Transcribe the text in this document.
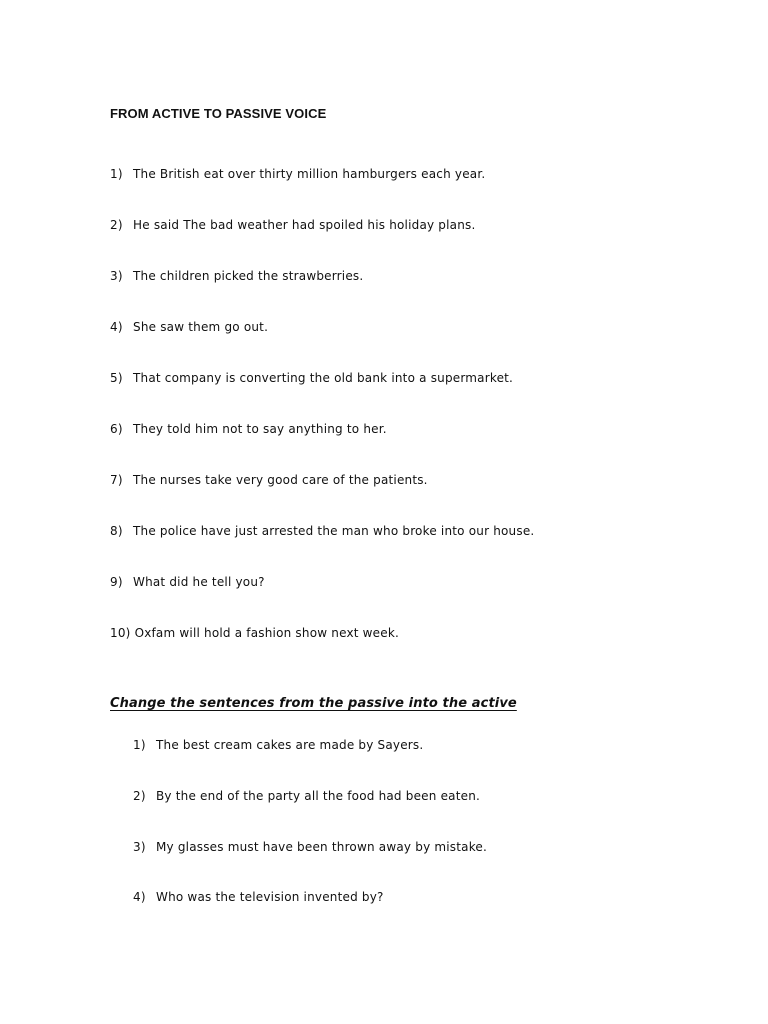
FROM ACTIVE TO PASSIVE VOICE
1) The British eat over thirty million hamburgers each year.
2) He said The bad weather had spoiled his holiday plans.
3) The children picked the strawberries.
4) She saw them go out.
5) That company is converting the old bank into a supermarket.
6) They told him not to say anything to her.
7) The nurses take very good care of the patients.
8) The police have just arrested the man who broke into our house.
9) What did he tell you?
10) Oxfam will hold a fashion show next week.
Change the sentences from the passive into the active
1) The best cream cakes are made by Sayers.
2) By the end of the party all the food had been eaten.
3) My glasses must have been thrown away by mistake.
4) Who was the television invented by?
